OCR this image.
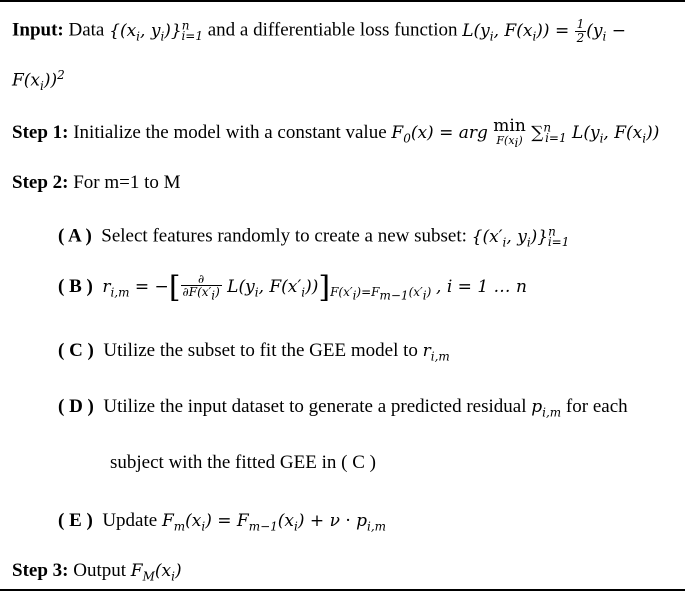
Input: Data {($x_i$, $y_i)\}^n_{i=1}$ and a differentiable loss function $L(y_i$, $F(x_i)) = \frac{1}{2} (y_i$ −
$F(x_i))^2$
Step 1: Initialize the model with a constant value $F_0(x)$ = arg min
$F(x_i)$ ∑$^n_{i=1}$ $L(y_i$, $F(x_i)$)
Step 2: For m=1 to M
( A ) Select features randomly to create a new subset: {($x'_i$, $y_i)\}^n_{i=1}$
( B ) $r_{i,m}$ = −[ $\frac{\partial}{\partial F(x'_i)} L(y_i$, $F(x'_i))]_{F(x'_i)=F_{m-1}(x'_i)}$ , i = 1 … n
( C ) Utilize the subset to fit the GEE model to $r_{i,m}$
( D ) Utilize the input dataset to generate a predicted residual $p_{i,m}$ for each
subject with the fitted GEE in ( C )
( E ) Update $F_m(x_i) = F_{m-1}(x_i) + \nu \cdot p_{i,m}$
Step 3: Output $F_M(x_i)$
